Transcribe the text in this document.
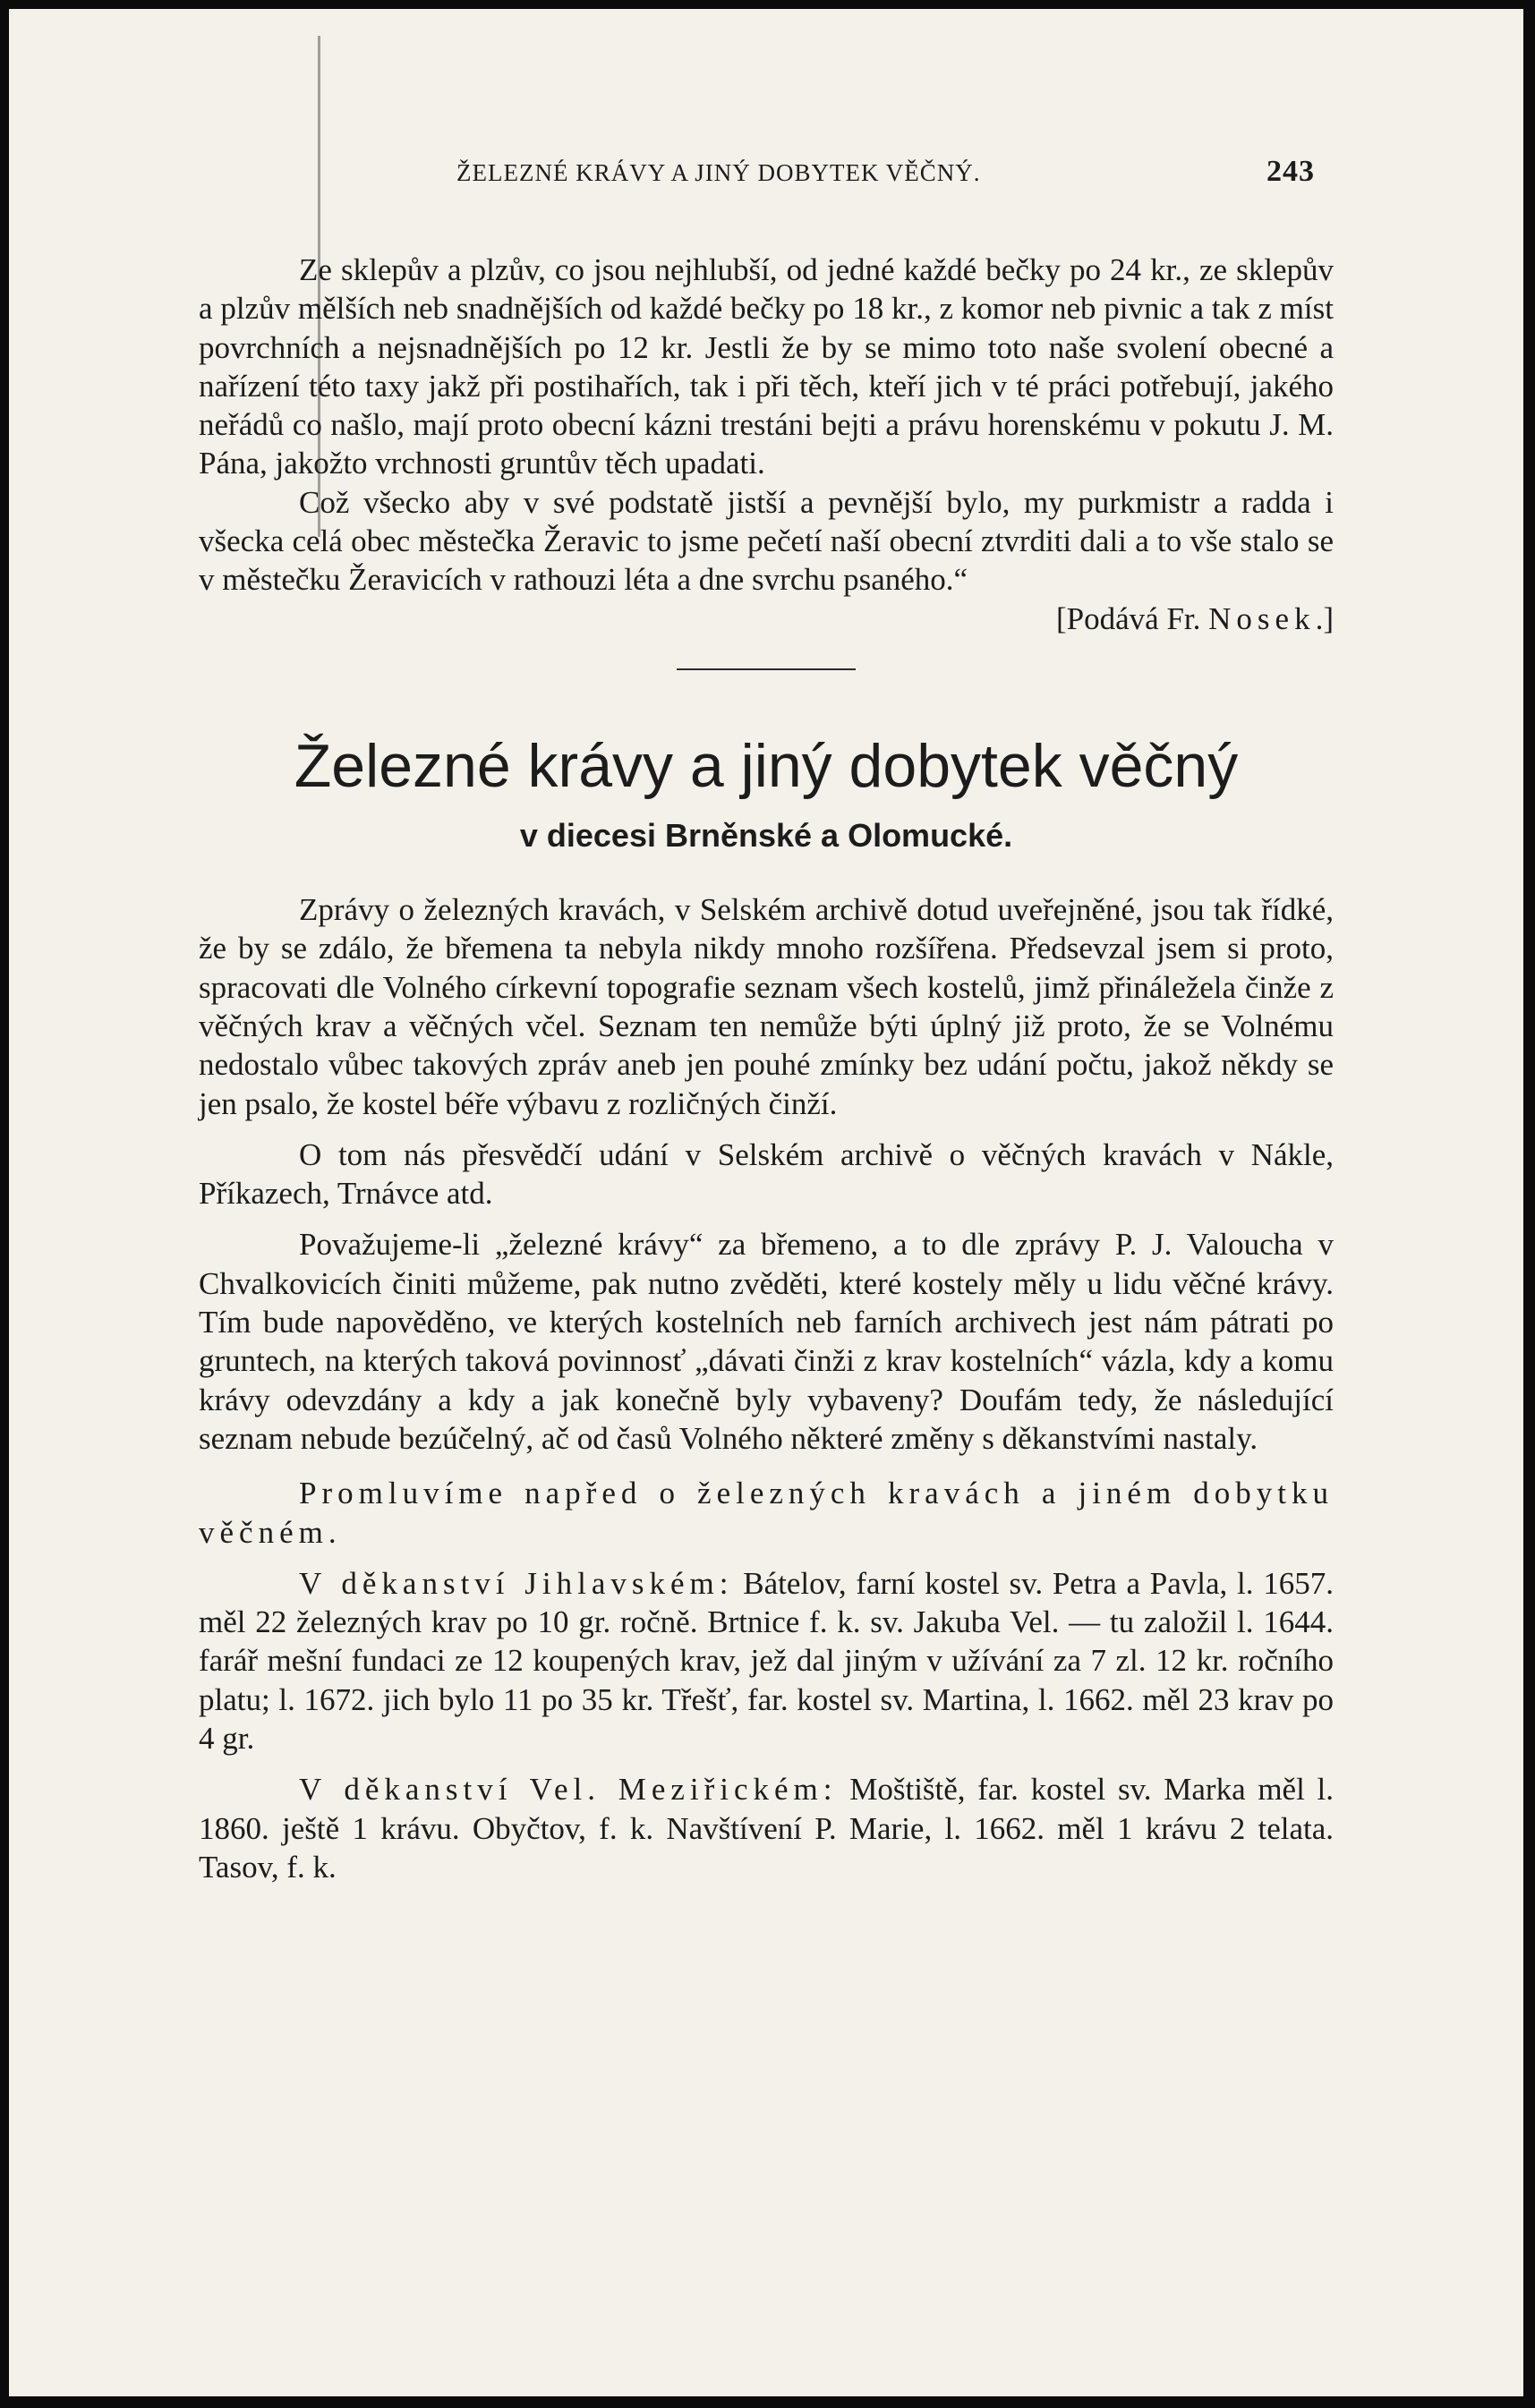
ŽELEZNÉ KRÁVY A JINÝ DOBYTEK VĚČNÝ.	243

Ze sklepův a plzův, co jsou nejhlubší, od jedné každé bečky po 24 kr., ze sklepův a plzův mělších neb snadnějších od každé bečky po 18 kr., z komor neb pivnic a tak z míst povrchních a nejsnadnějších po 12 kr. Jestli že by se mimo toto naše svolení obecné a nařízení této taxy jakž při postihařích, tak i při těch, kteří jich v té práci potřebují, jakého neřádů co našlo, mají proto obecní kázni trestáni bejti a právu horenskému v pokutu J. M. Pána, jakožto vrchnosti gruntův těch upadati.

Což všecko aby v své podstatě jistší a pevnější bylo, my purkmistr a radda i všecka celá obec městečka Žeravic to jsme pečetí naší obecní ztvrditi dali a to vše stalo se v městečku Žeravicích v rathouzi léta a dne svrchu psaného.“

[Podává Fr. Nosek.]

Železné krávy a jiný dobytek věčný
v diecesi Brněnské a Olomucké.

Zprávy o železných kravách, v Selském archivě dotud uveřejněné, jsou tak řídké, že by se zdálo, že břemena ta nebyla nikdy mnoho rozšířena. Předsevzal jsem si proto, spracovati dle Volného církevní topografie seznam všech kostelů, jimž přináležela činže z věčných krav a věčných včel. Seznam ten nemůže býti úplný již proto, že se Volnému nedostalo vůbec takových zpráv aneb jen pouhé zmínky bez udání počtu, jakož někdy se jen psalo, že kostel béře výbavu z rozličných činží.

O tom nás přesvědčí udání v Selském archivě o věčných kravách v Nákle, Příkazech, Trnávce atd.

Považujeme-li „železné krávy“ za břemeno, a to dle zprávy P. J. Valoucha v Chvalkovicích činiti můžeme, pak nutno zvěděti, které kostely měly u lidu věčné krávy. Tím bude napověděno, ve kterých kostelních neb farních archivech jest nám pátrati po gruntech, na kterých taková povinnosť „dávati činži z krav kostelních“ vázla, kdy a komu krávy odevzdány a kdy a jak konečně byly vybaveny? Doufám tedy, že následující seznam nebude bezúčelný, ač od časů Volného některé změny s děkanstvími nastaly.

Promluvíme napřed o železných kravách a jiném dobytku věčném.

V děkanství Jihlavském: Bátelov, farní kostel sv. Petra a Pavla, l. 1657. měl 22 železných krav po 10 gr. ročně. Brtnice f. k. sv. Jakuba Vel. — tu založil l. 1644. farář mešní fundaci ze 12 koupených krav, jež dal jiným v užívání za 7 zl. 12 kr. ročního platu; l. 1672. jich bylo 11 po 35 kr. Třešť, far. kostel sv. Martina, l. 1662. měl 23 krav po 4 gr.

V děkanství Vel. Meziřickém: Moštiště, far. kostel sv. Marka měl l. 1860. ještě 1 krávu. Obyčtov, f. k. Navštívení P. Marie, l. 1662. měl 1 krávu 2 telata. Tasov, f. k.
